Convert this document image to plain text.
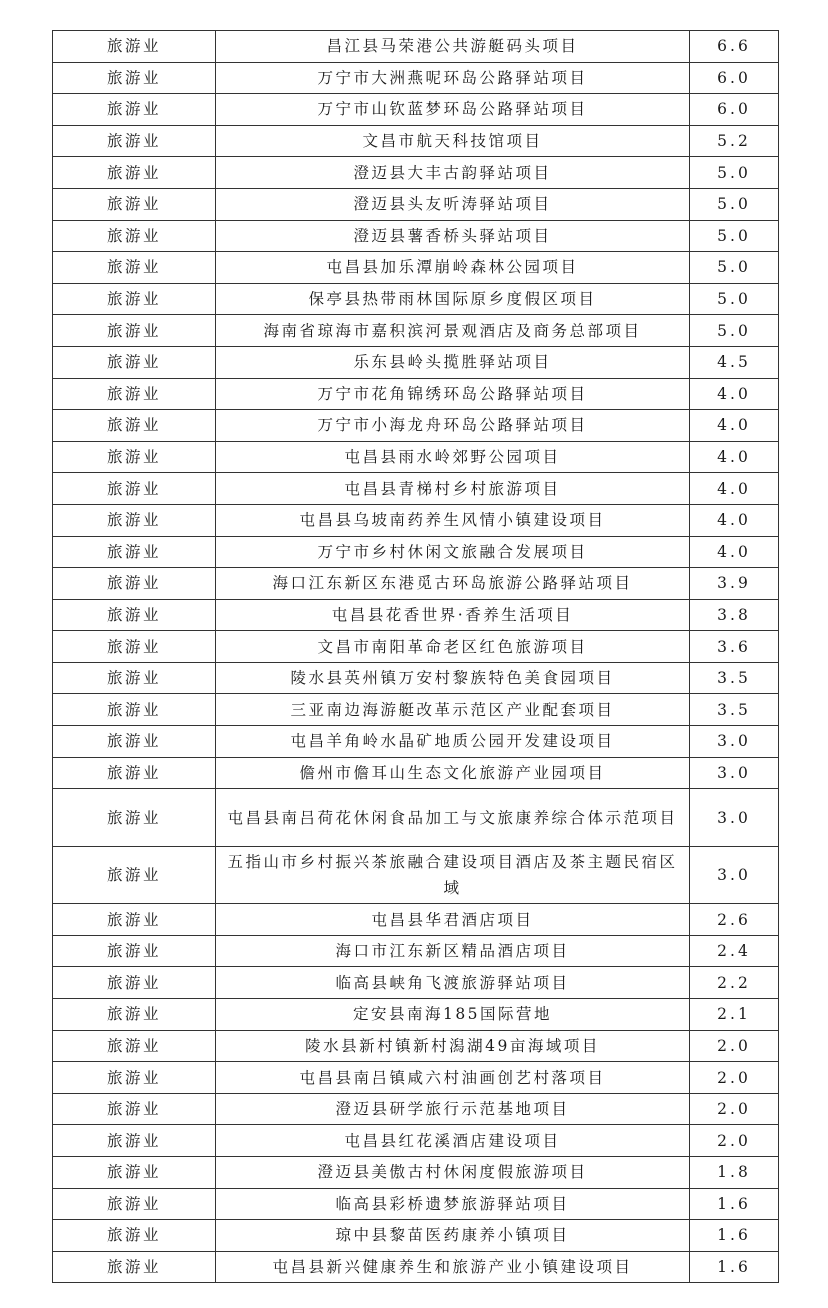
旅游业	昌江县马荣港公共游艇码头项目	6.6
旅游业	万宁市大洲燕呢环岛公路驿站项目	6.0
旅游业	万宁市山钦蓝梦环岛公路驿站项目	6.0
旅游业	文昌市航天科技馆项目	5.2
旅游业	澄迈县大丰古韵驿站项目	5.0
旅游业	澄迈县头友听涛驿站项目	5.0
旅游业	澄迈县薯香桥头驿站项目	5.0
旅游业	屯昌县加乐潭崩岭森林公园项目	5.0
旅游业	保亭县热带雨林国际原乡度假区项目	5.0
旅游业	海南省琼海市嘉积滨河景观酒店及商务总部项目	5.0
旅游业	乐东县岭头揽胜驿站项目	4.5
旅游业	万宁市花角锦绣环岛公路驿站项目	4.0
旅游业	万宁市小海龙舟环岛公路驿站项目	4.0
旅游业	屯昌县雨水岭郊野公园项目	4.0
旅游业	屯昌县青梯村乡村旅游项目	4.0
旅游业	屯昌县乌坡南药养生风情小镇建设项目	4.0
旅游业	万宁市乡村休闲文旅融合发展项目	4.0
旅游业	海口江东新区东港觅古环岛旅游公路驿站项目	3.9
旅游业	屯昌县花香世界·香养生活项目	3.8
旅游业	文昌市南阳革命老区红色旅游项目	3.6
旅游业	陵水县英州镇万安村黎族特色美食园项目	3.5
旅游业	三亚南边海游艇改革示范区产业配套项目	3.5
旅游业	屯昌羊角岭水晶矿地质公园开发建设项目	3.0
旅游业	儋州市儋耳山生态文化旅游产业园项目	3.0
旅游业	屯昌县南吕荷花休闲食品加工与文旅康养综合体示范项目	3.0
旅游业	五指山市乡村振兴茶旅融合建设项目酒店及茶主题民宿区域	3.0
旅游业	屯昌县华君酒店项目	2.6
旅游业	海口市江东新区精品酒店项目	2.4
旅游业	临高县峡角飞渡旅游驿站项目	2.2
旅游业	定安县南海185国际营地	2.1
旅游业	陵水县新村镇新村潟湖49亩海域项目	2.0
旅游业	屯昌县南吕镇咸六村油画创艺村落项目	2.0
旅游业	澄迈县研学旅行示范基地项目	2.0
旅游业	屯昌县红花溪酒店建设项目	2.0
旅游业	澄迈县美傲古村休闲度假旅游项目	1.8
旅游业	临高县彩桥遗梦旅游驿站项目	1.6
旅游业	琼中县黎苗医药康养小镇项目	1.6
旅游业	屯昌县新兴健康养生和旅游产业小镇建设项目	1.6
